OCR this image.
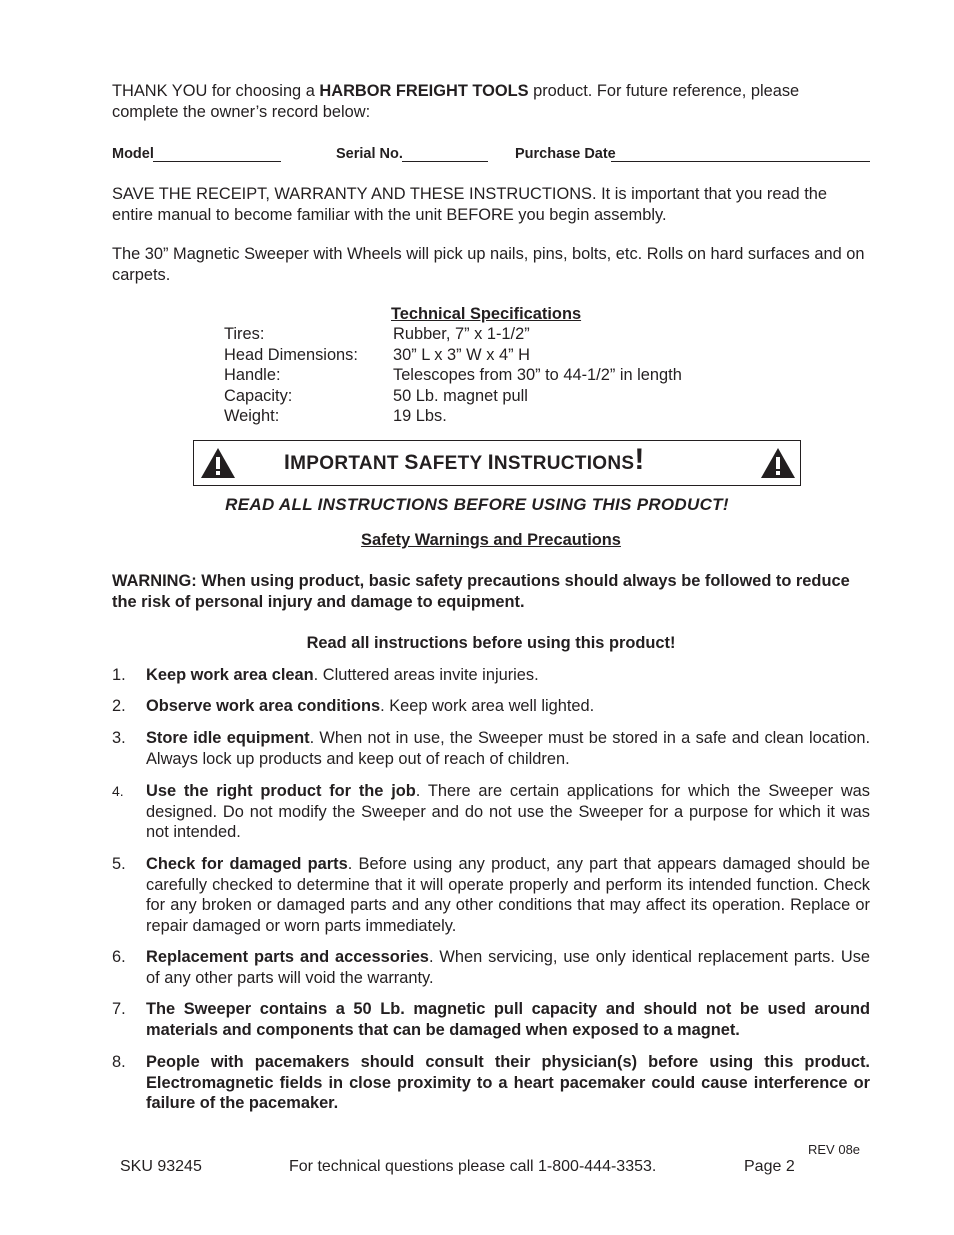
THANK YOU for choosing a HARBOR FREIGHT TOOLS product. For future reference, please complete the owner’s record below:
Model	Serial No.	Purchase Date
SAVE THE RECEIPT, WARRANTY AND THESE INSTRUCTIONS. It is important that you read the entire manual to become familiar with the unit BEFORE you begin assembly.
The 30” Magnetic Sweeper with Wheels will pick up nails, pins, bolts, etc. Rolls on hard surfaces and on carpets.
Technical Specifications
Tires:	Rubber, 7” x 1-1/2”
Head Dimensions: 30” L x 3” W x 4” H
Handle:	Telescopes from 30” to 44-1/2” in length
Capacity:	50 Lb. magnet pull
Weight:	19 Lbs.
IMPORTANT SAFETY INSTRUCTIONS!
READ ALL INSTRUCTIONS BEFORE USING THIS PRODUCT!
Safety Warnings and Precautions
WARNING: When using product, basic safety precautions should always be followed to reduce the risk of personal injury and damage to equipment.
Read all instructions before using this product!
1. Keep work area clean. Cluttered areas invite injuries.
2. Observe work area conditions. Keep work area well lighted.
3. Store idle equipment. When not in use, the Sweeper must be stored in a safe and clean location. Always lock up products and keep out of reach of children.
4. Use the right product for the job. There are certain applications for which the Sweeper was designed. Do not modify the Sweeper and do not use the Sweeper for a purpose for which it was not intended.
5. Check for damaged parts. Before using any product, any part that appears damaged should be carefully checked to determine that it will operate properly and perform its intended function. Check for any broken or damaged parts and any other conditions that may affect its operation. Replace or repair damaged or worn parts immediately.
6. Replacement parts and accessories. When servicing, use only identical replacement parts. Use of any other parts will void the warranty.
7. The Sweeper contains a 50 Lb. magnetic pull capacity and should not be used around materials and components that can be damaged when exposed to a magnet.
8. People with pacemakers should consult their physician(s) before using this product. Electromagnetic fields in close proximity to a heart pacemaker could cause interference or failure of the pacemaker.
REV 08e
SKU 93245	For technical questions please call 1-800-444-3353.	Page 2
